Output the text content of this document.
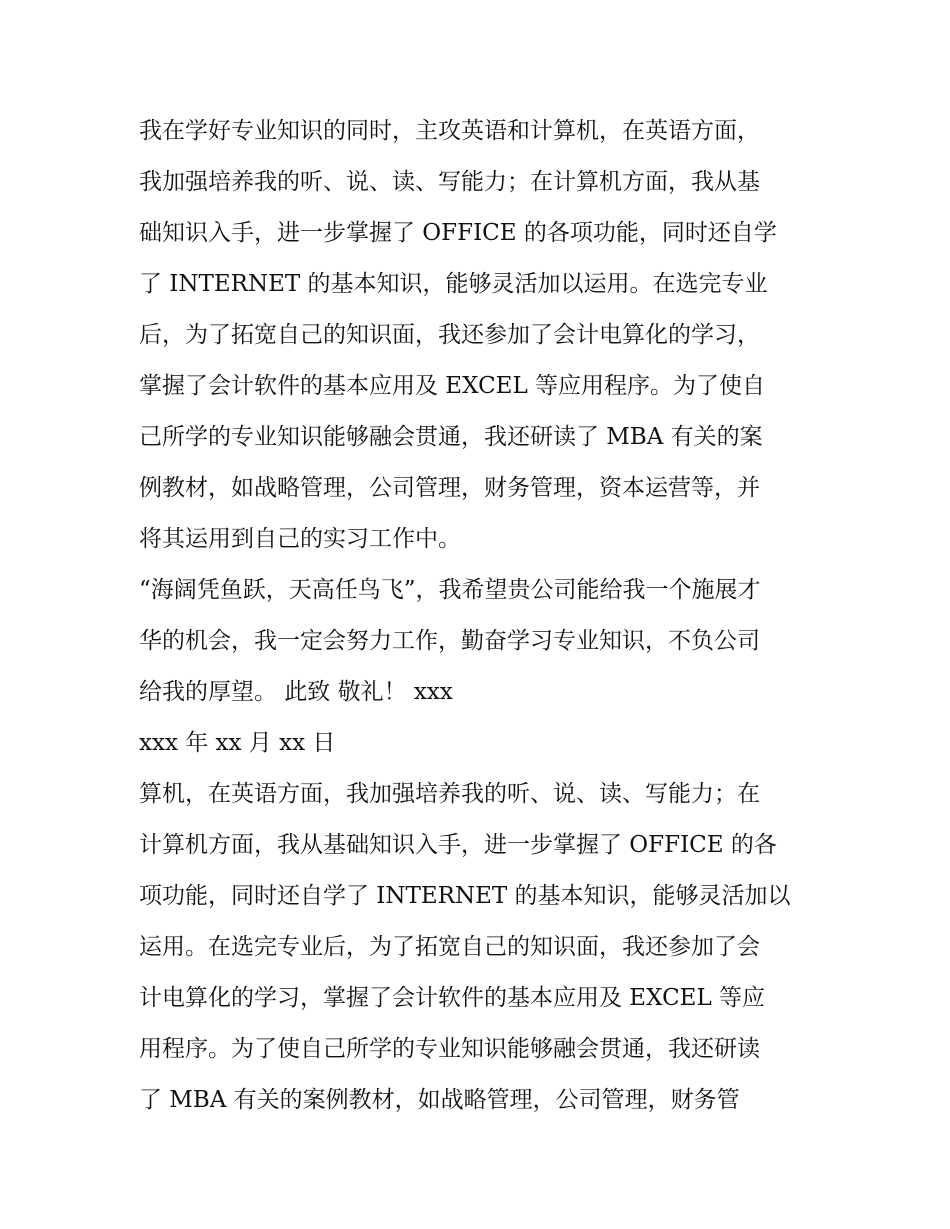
我在学好专业知识的同时，主攻英语和计算机，在英语方面，
我加强培养我的听、说、读、写能力；在计算机方面，我从基
础知识入手，进一步掌握了 OFFICE 的各项功能，同时还自学
了 INTERNET 的基本知识，能够灵活加以运用。在选完专业
后，为了拓宽自己的知识面，我还参加了会计电算化的学习，
掌握了会计软件的基本应用及 EXCEL 等应用程序。为了使自
己所学的专业知识能够融会贯通，我还研读了 MBA 有关的案
例教材，如战略管理，公司管理，财务管理，资本运营等，并
将其运用到自己的实习工作中。
“海阔凭鱼跃，天高任鸟飞”，我希望贵公司能给我一个施展才
华的机会，我一定会努力工作，勤奋学习专业知识，不负公司
给我的厚望。 此致 敬礼！ xxx
xxx 年 xx 月 xx 日
算机，在英语方面，我加强培养我的听、说、读、写能力；在
计算机方面，我从基础知识入手，进一步掌握了 OFFICE 的各
项功能，同时还自学了 INTERNET 的基本知识，能够灵活加以
运用。在选完专业后，为了拓宽自己的知识面，我还参加了会
计电算化的学习，掌握了会计软件的基本应用及 EXCEL 等应
用程序。为了使自己所学的专业知识能够融会贯通，我还研读
了 MBA 有关的案例教材，如战略管理，公司管理，财务管
